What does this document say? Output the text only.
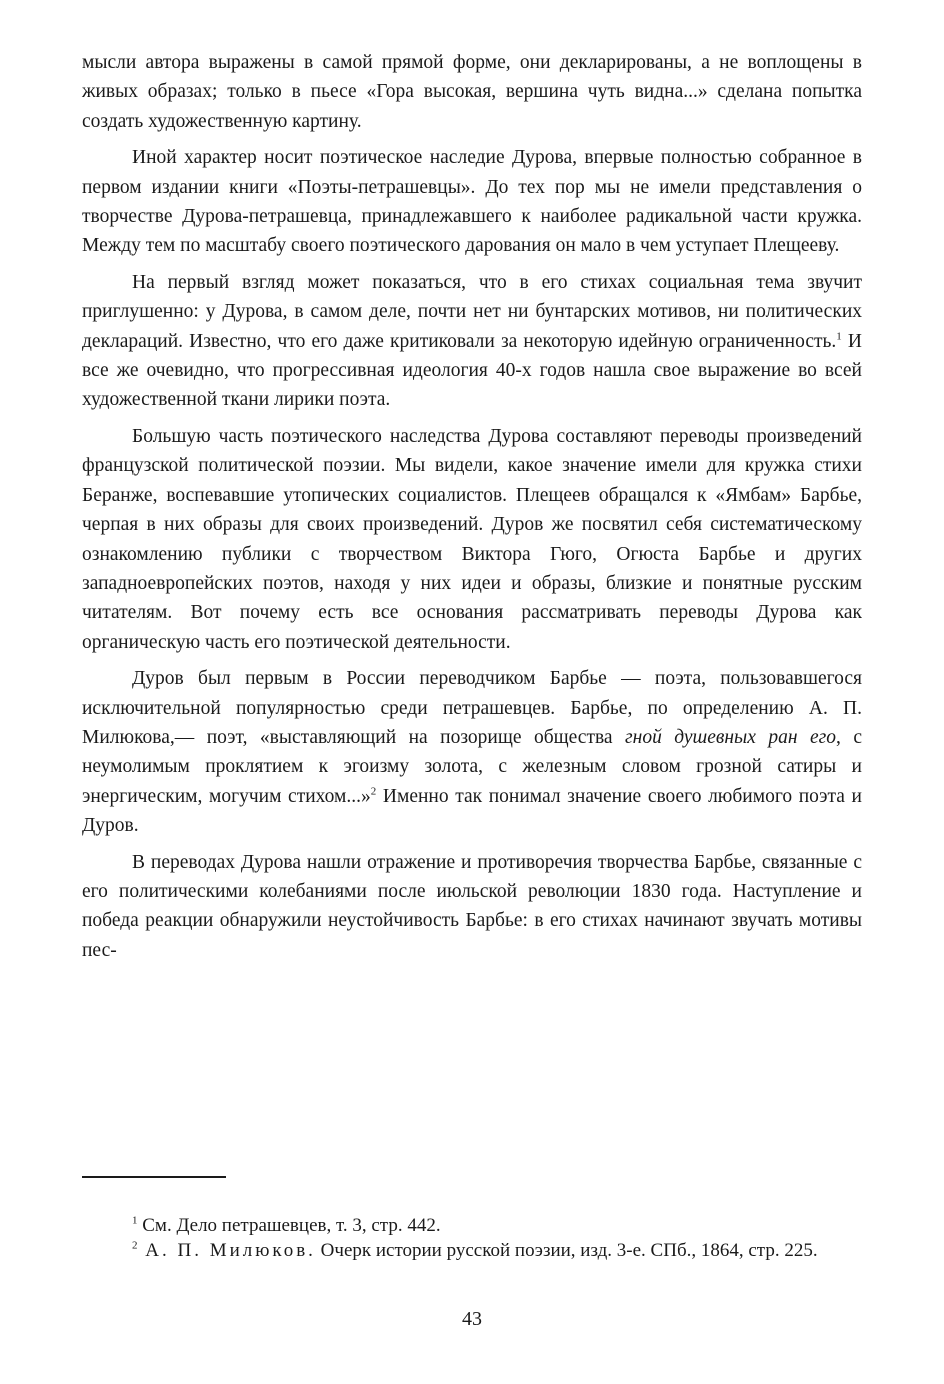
мысли автора выражены в самой прямой форме, они декларированы, а не воплощены в живых образах; только в пьесе «Гора высокая, вершина чуть видна...» сделана попытка создать художественную картину.

Иной характер носит поэтическое наследие Дурова, впервые полностью собранное в первом издании книги «Поэты-петрашевцы». До тех пор мы не имели представления о творчестве Дурова-петрашевца, принадлежавшего к наиболее радикальной части кружка. Между тем по масштабу своего поэтического дарования он мало в чем уступает Плещееву.

На первый взгляд может показаться, что в его стихах социальная тема звучит приглушенно: у Дурова, в самом деле, почти нет ни бунтарских мотивов, ни политических деклараций. Известно, что его даже критиковали за некоторую идейную ограниченность.$^1$ И все же очевидно, что прогрессивная идеология 40-х годов нашла свое выражение во всей художественной ткани лирики поэта.

Большую часть поэтического наследства Дурова составляют переводы произведений французской политической поэзии. Мы видели, какое значение имели для кружка стихи Беранже, воспевавшие утопических социалистов. Плещеев обращался к «Ямбам» Барбье, черпая в них образы для своих произведений. Дуров же посвятил себя систематическому ознакомлению публики с творчеством Виктора Гюго, Огюста Барбье и других западноевропейских поэтов, находя у них идеи и образы, близкие и понятные русским читателям. Вот почему есть все основания рассматривать переводы Дурова как органическую часть его поэтической деятельности.

Дуров был первым в России переводчиком Барбье — поэта, пользовавшегося исключительной популярностью среди петрашевцев. Барбье, по определению А. П. Милюкова,— поэт, «выставляющий на позорище общества гной душевных ран его, с неумолимым проклятием к эгоизму золота, с железным словом грозной сатиры и энергическим, могучим стихом...»$^2$ Именно так понимал значение своего любимого поэта и Дуров.

В переводах Дурова нашли отражение и противоречия творчества Барбье, связанные с его политическими колебаниями после июльской революции 1830 года. Наступление и победа реакции обнаружили неустойчивость Барбье: в его стихах начинают звучать мотивы пес-

$^1$ См. Дело петрашевцев, т. 3, стр. 442.

$^2$ А. П. Милюков. Очерк истории русской поэзии, изд. 3-е. СПб., 1864, стр. 225.

43
